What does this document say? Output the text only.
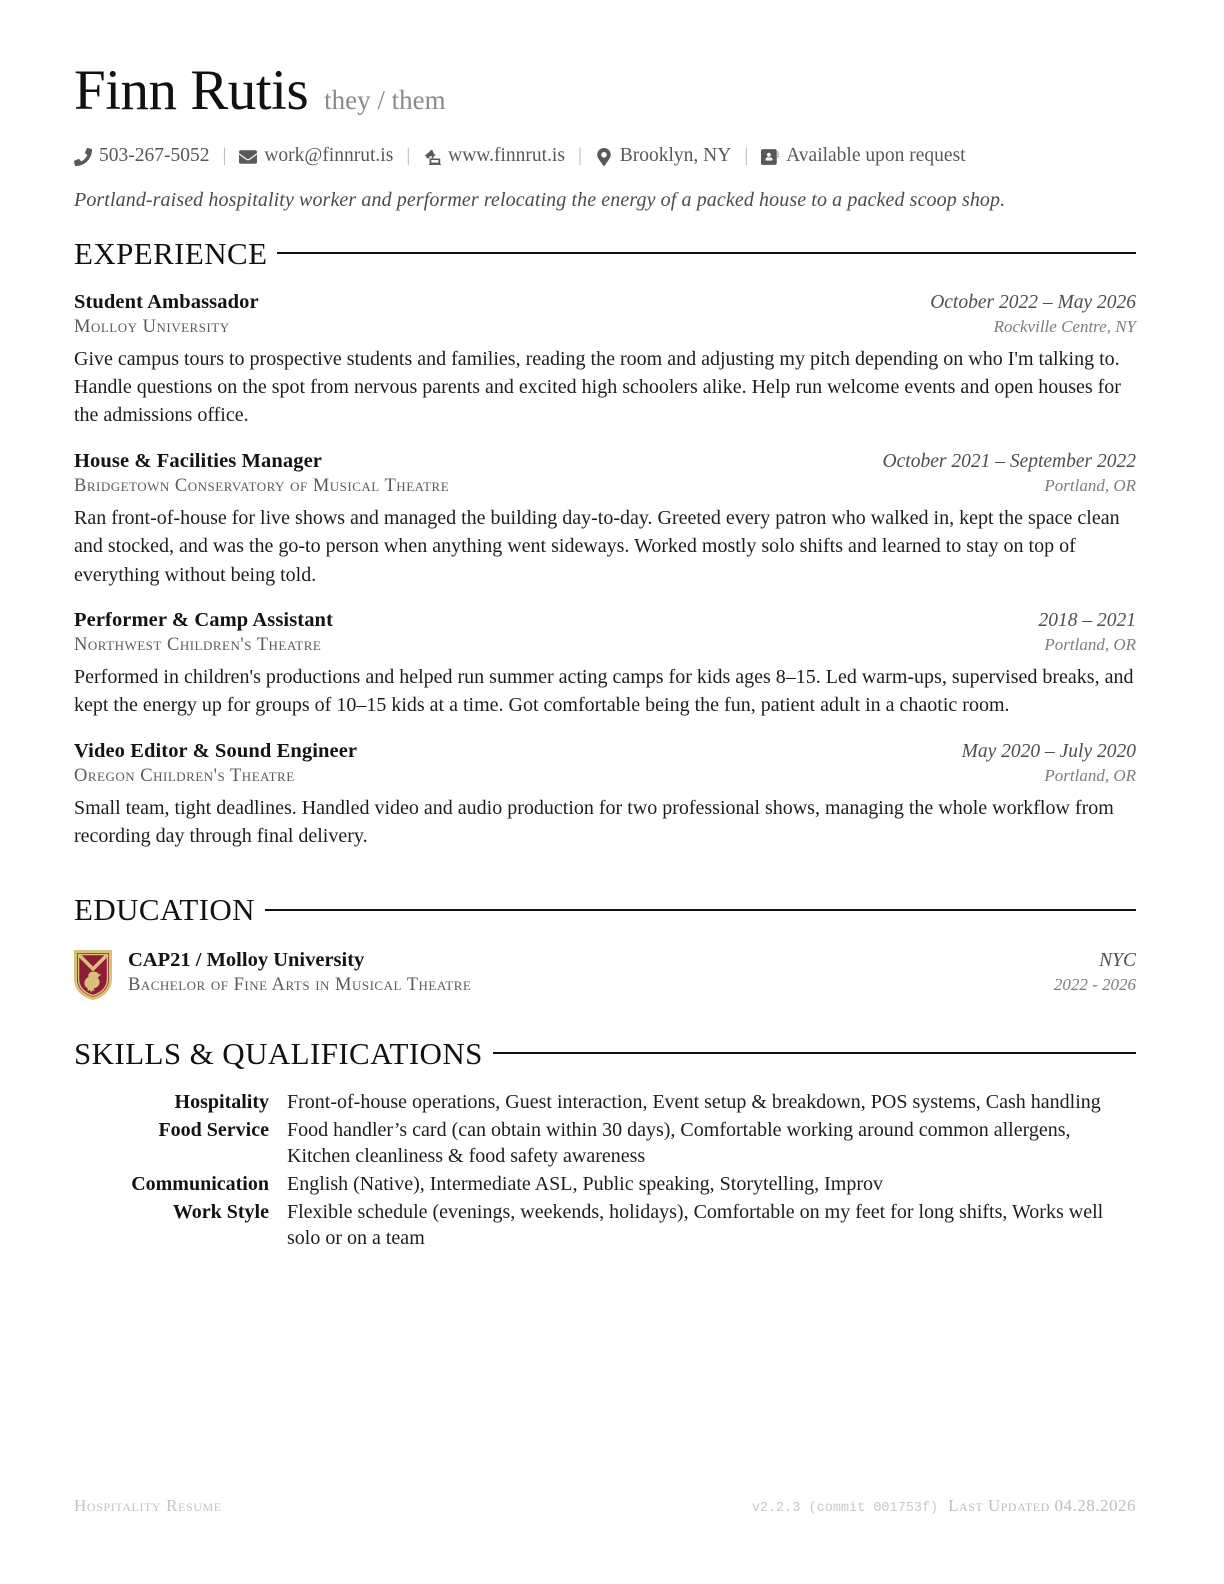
Finn Rutis they / them
503-267-5052 | work@finnrut.is | www.finnrut.is | Brooklyn, NY | Available upon request
Portland-raised hospitality worker and performer relocating the energy of a packed house to a packed scoop shop.
EXPERIENCE
Student Ambassador	October 2022 – May 2026
Molloy University	Rockville Centre, NY
Give campus tours to prospective students and families, reading the room and adjusting my pitch depending on who I'm talking to. Handle questions on the spot from nervous parents and excited high schoolers alike. Help run welcome events and open houses for the admissions office.
House & Facilities Manager	October 2021 – September 2022
Bridgetown Conservatory of Musical Theatre	Portland, OR
Ran front-of-house for live shows and managed the building day-to-day. Greeted every patron who walked in, kept the space clean and stocked, and was the go-to person when anything went sideways. Worked mostly solo shifts and learned to stay on top of everything without being told.
Performer & Camp Assistant	2018 – 2021
Northwest Children's Theatre	Portland, OR
Performed in children's productions and helped run summer acting camps for kids ages 8–15. Led warm-ups, supervised breaks, and kept the energy up for groups of 10–15 kids at a time. Got comfortable being the fun, patient adult in a chaotic room.
Video Editor & Sound Engineer	May 2020 – July 2020
Oregon Children's Theatre	Portland, OR
Small team, tight deadlines. Handled video and audio production for two professional shows, managing the whole workflow from recording day through final delivery.
EDUCATION
CAP21 / Molloy University	NYC
Bachelor of Fine Arts in Musical Theatre	2022 - 2026
SKILLS & QUALIFICATIONS
Hospitality	Front-of-house operations, Guest interaction, Event setup & breakdown, POS systems, Cash handling
Food Service	Food handler’s card (can obtain within 30 days), Comfortable working around common allergens, Kitchen cleanliness & food safety awareness
Communication	English (Native), Intermediate ASL, Public speaking, Storytelling, Improv
Work Style	Flexible schedule (evenings, weekends, holidays), Comfortable on my feet for long shifts, Works well solo or on a team
Hospitality Resume	v2.2.3 (commit 001753f) Last Updated 04.28.2026
